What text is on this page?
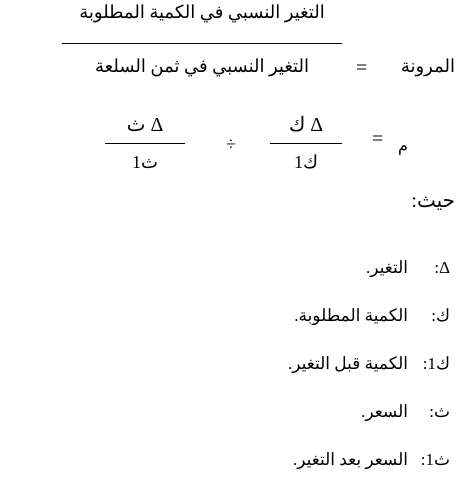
التغير النسبي في الكمية المطلوبة
التغير النسبي في ثمن السلعة	=	المرونة
Δ ث
ث1
÷
Δ ك
ك1
= م
حيث:
Δ:
التغير.
ك:
الكمية المطلوبة.
ك1:
الكمية قبل التغير.
ث:
السعر.
ث1:
السعر بعد التغير.
